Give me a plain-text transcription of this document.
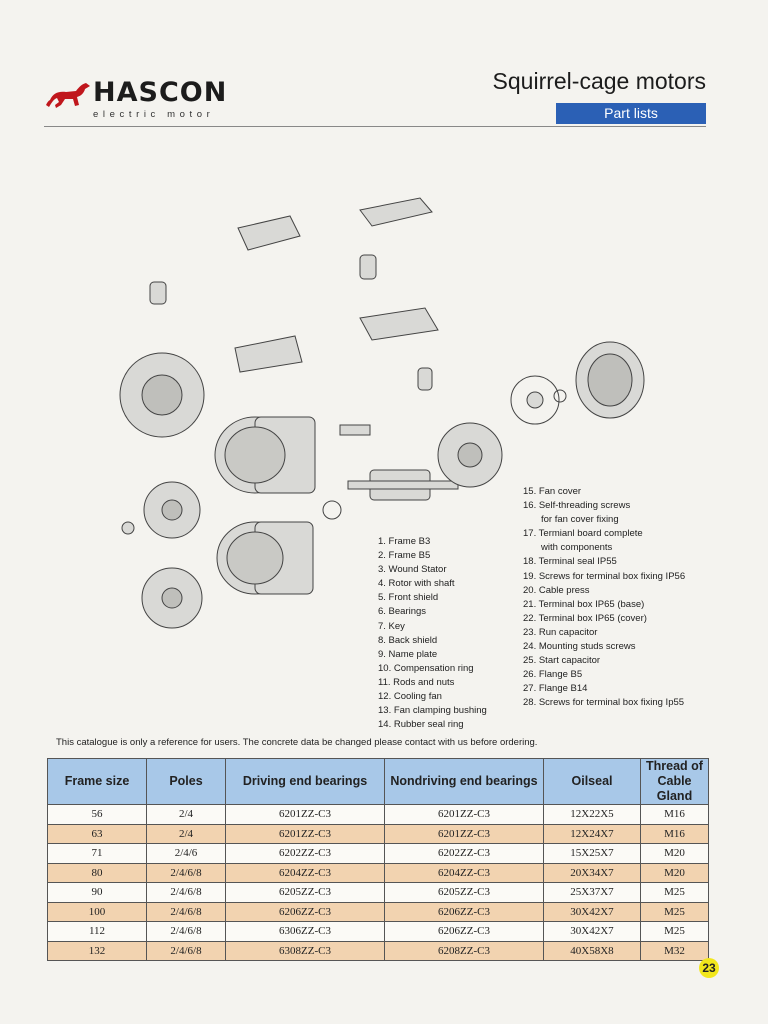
HASCON
electric motor
Squirrel-cage motors
Part lists
1. Frame B3
2. Frame B5
3. Wound Stator
4. Rotor with shaft
5. Front shield
6. Bearings
7. Key
8. Back shield
9. Name plate
10. Compensation ring
11. Rods and nuts
12. Cooling fan
13. Fan clamping bushing
14. Rubber seal ring
15. Fan cover
16. Self-threading screws
for fan cover fixing
17. Termianl board complete
with components
18. Terminal seal IP55
19. Screws for terminal box fixing IP56
20. Cable press
21. Terminal box IP65 (base)
22. Terminal box IP65 (cover)
23. Run capacitor
24. Mounting studs screws
25. Start capacitor
26. Flange B5
27. Flange B14
28. Screws for terminal box fixing Ip55
This catalogue is only a reference for users. The concrete data be changed please contact with us before ordering.
Frame size	Poles	Driving end bearings	Nondriving end bearings	Oilseal	Thread of Cable Gland
56	2/4	6201ZZ-C3	6201ZZ-C3	12X22X5	M16
63	2/4	6201ZZ-C3	6201ZZ-C3	12X24X7	M16
71	2/4/6	6202ZZ-C3	6202ZZ-C3	15X25X7	M20
80	2/4/6/8	6204ZZ-C3	6204ZZ-C3	20X34X7	M20
90	2/4/6/8	6205ZZ-C3	6205ZZ-C3	25X37X7	M25
100	2/4/6/8	6206ZZ-C3	6206ZZ-C3	30X42X7	M25
112	2/4/6/8	6306ZZ-C3	6206ZZ-C3	30X42X7	M25
132	2/4/6/8	6308ZZ-C3	6208ZZ-C3	40X58X8	M32
23
